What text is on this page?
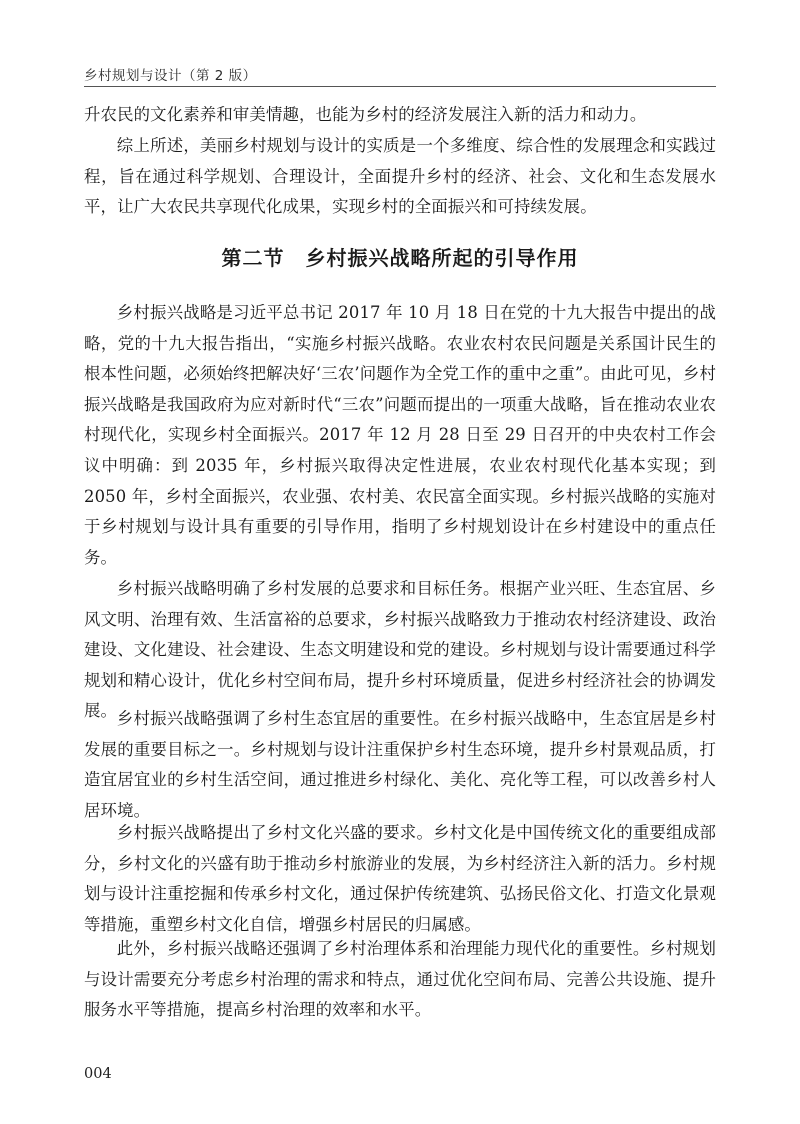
乡村规划与设计（第 2 版）

升农民的文化素养和审美情趣，也能为乡村的经济发展注入新的活力和动力。

综上所述，美丽乡村规划与设计的实质是一个多维度、综合性的发展理念和实践过程，旨在通过科学规划、合理设计，全面提升乡村的经济、社会、文化和生态发展水平，让广大农民共享现代化成果，实现乡村的全面振兴和可持续发展。

第二节　乡村振兴战略所起的引导作用

乡村振兴战略是习近平总书记 2017 年 10 月 18 日在党的十九大报告中提出的战略，党的十九大报告指出，“实施乡村振兴战略。农业农村农民问题是关系国计民生的根本性问题，必须始终把解决好‘三农’问题作为全党工作的重中之重”。由此可见，乡村振兴战略是我国政府为应对新时代“三农”问题而提出的一项重大战略，旨在推动农业农村现代化，实现乡村全面振兴。2017 年 12 月 28 日至 29 日召开的中央农村工作会议中明确：到 2035 年，乡村振兴取得决定性进展，农业农村现代化基本实现；到 2050 年，乡村全面振兴，农业强、农村美、农民富全面实现。乡村振兴战略的实施对于乡村规划与设计具有重要的引导作用，指明了乡村规划设计在乡村建设中的重点任务。

乡村振兴战略明确了乡村发展的总要求和目标任务。根据产业兴旺、生态宜居、乡风文明、治理有效、生活富裕的总要求，乡村振兴战略致力于推动农村经济建设、政治建设、文化建设、社会建设、生态文明建设和党的建设。乡村规划与设计需要通过科学规划和精心设计，优化乡村空间布局，提升乡村环境质量，促进乡村经济社会的协调发展。 乡村振兴战略强调了乡村生态宜居的重要性。在乡村振兴战略中，生态宜居是乡村发展的重要目标之一。乡村规划与设计注重保护乡村生态环境，提升乡村景观品质，打造宜居宜业的乡村生活空间，通过推进乡村绿化、美化、亮化等工程，可以改善乡村人居环境。

乡村振兴战略提出了乡村文化兴盛的要求。乡村文化是中国传统文化的重要组成部分，乡村文化的兴盛有助于推动乡村旅游业的发展，为乡村经济注入新的活力。乡村规划与设计注重挖掘和传承乡村文化，通过保护传统建筑、弘扬民俗文化、打造文化景观等措施，重塑乡村文化自信，增强乡村居民的归属感。

此外，乡村振兴战略还强调了乡村治理体系和治理能力现代化的重要性。乡村规划与设计需要充分考虑乡村治理的需求和特点，通过优化空间布局、完善公共设施、提升服务水平等措施，提高乡村治理的效率和水平。

004
